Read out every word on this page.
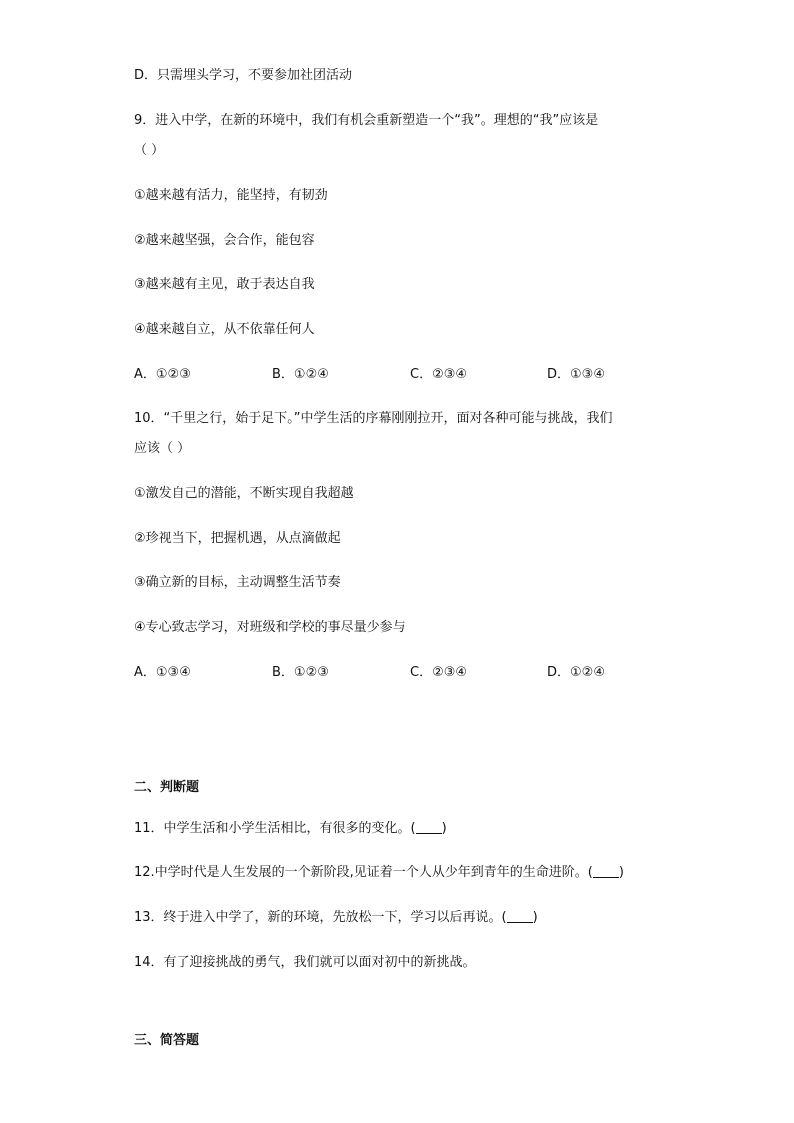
D．只需埋头学习，不要参加社团活动
9．进入中学，在新的环境中，我们有机会重新塑造一个“我”。理想的“我”应该是
（ ）
①越来越有活力，能坚持，有韧劲
②越来越坚强，会合作，能包容
③越来越有主见，敢于表达自我
④越来越自立，从不依靠任何人
A．①②③	B．①②④	C．②③④	D．①③④
10．“千里之行，始于足下。”中学生活的序幕刚刚拉开，面对各种可能与挑战，我们
应该（ ）
①激发自己的潜能，不断实现自我超越
②珍视当下，把握机遇，从点滴做起
③确立新的目标，主动调整生活节奏
④专心致志学习，对班级和学校的事尽量少参与
A．①③④	B．①②③	C．②③④	D．①②④
二、判断题
11．中学生活和小学生活相比，有很多的变化。( )
12.中学时代是人生发展的一个新阶段,见证着一个人从少年到青年的生命进阶。( )
13．终于进入中学了，新的环境，先放松一下，学习以后再说。( )
14．有了迎接挑战的勇气，我们就可以面对初中的新挑战。
三、简答题
